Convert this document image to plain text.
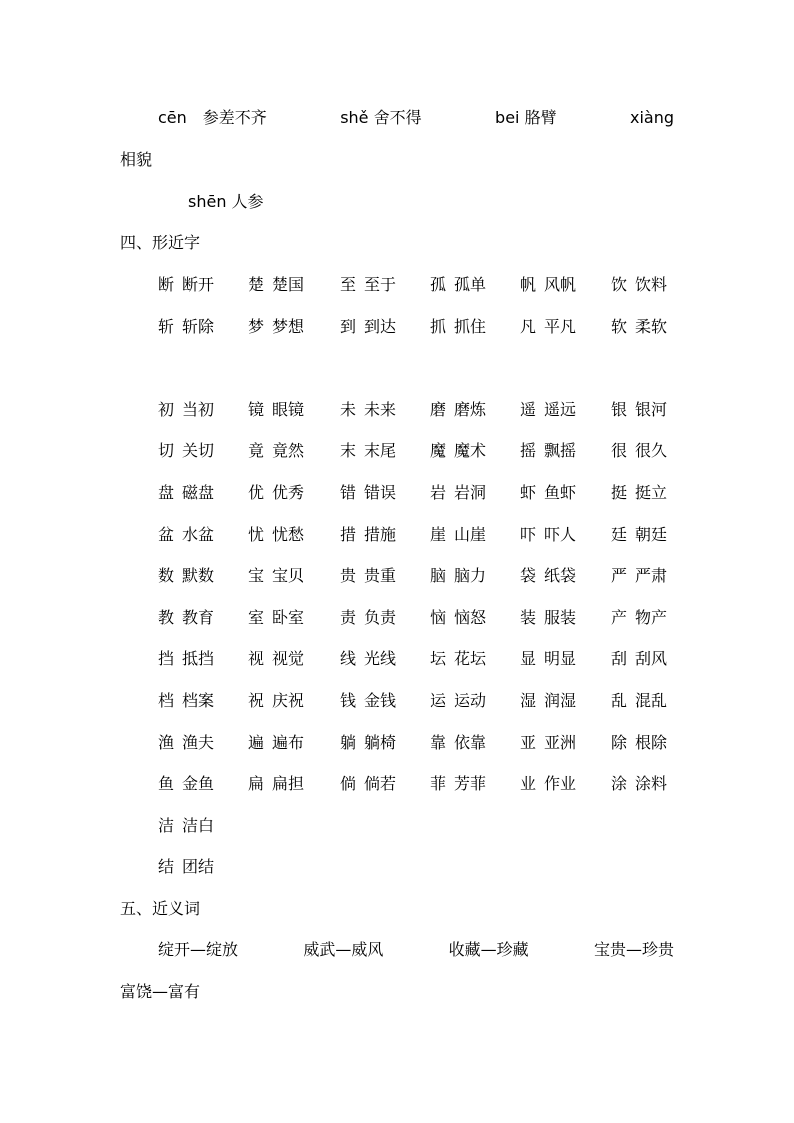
cēn　参差不齐	shě 舍不得	bei 胳臂	xiàng
相貌
shēn 人参
四、形近字
断 断开 楚 楚国 至 至于 孤 孤单 帆 风帆 饮 饮料
斩 斩除 梦 梦想 到 到达 抓 抓住 凡 平凡 软 柔软
初 当初 镜 眼镜 未 未来 磨 磨炼 遥 遥远 银 银河
切 关切 竟 竟然 末 末尾 魔 魔术 摇 飘摇 很 很久
盘 磁盘 优 优秀 错 错误 岩 岩洞 虾 鱼虾 挺 挺立
盆 水盆 忧 忧愁 措 措施 崖 山崖 吓 吓人 廷 朝廷
数 默数 宝 宝贝 贵 贵重 脑 脑力 袋 纸袋 严 严肃
教 教育 室 卧室 责 负责 恼 恼怒 装 服装 产 物产
挡 抵挡 视 视觉 线 光线 坛 花坛 显 明显 刮 刮风
档 档案 祝 庆祝 钱 金钱 运 运动 湿 润湿 乱 混乱
渔 渔夫 遍 遍布 躺 躺椅 靠 依靠 亚 亚洲 除 根除
鱼 金鱼 扁 扁担 倘 倘若 菲 芳菲 业 作业 涂 涂料
洁 洁白
结 团结
五、近义词
绽开—绽放	威武—威风	收藏—珍藏	宝贵—珍贵
富饶—富有
